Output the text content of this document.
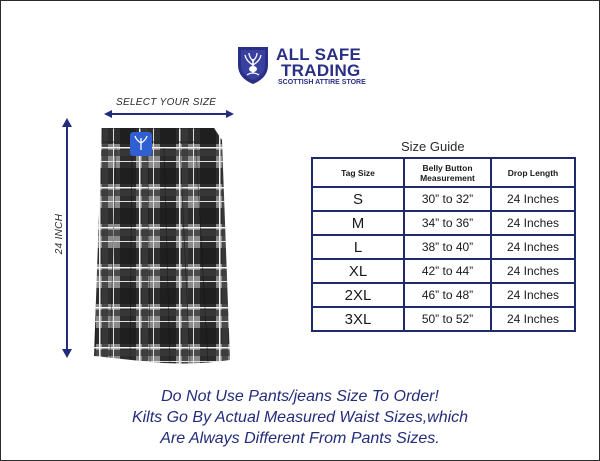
ALL SAFE
TRADING
SCOTTISH ATTIRE STORE
SELECT YOUR SIZE
24 INCH
Size Guide
Tag Size	Belly Button Measurement	Drop Length
S	30” to 32”	24 Inches
M	34” to 36”	24 Inches
L	38” to 40”	24 Inches
XL	42” to 44”	24 Inches
2XL	46” to 48”	24 Inches
3XL	50” to 52”	24 Inches
Do Not Use Pants/jeans Size To Order!
Kilts Go By Actual Measured Waist Sizes,which
Are Always Different From Pants Sizes.
